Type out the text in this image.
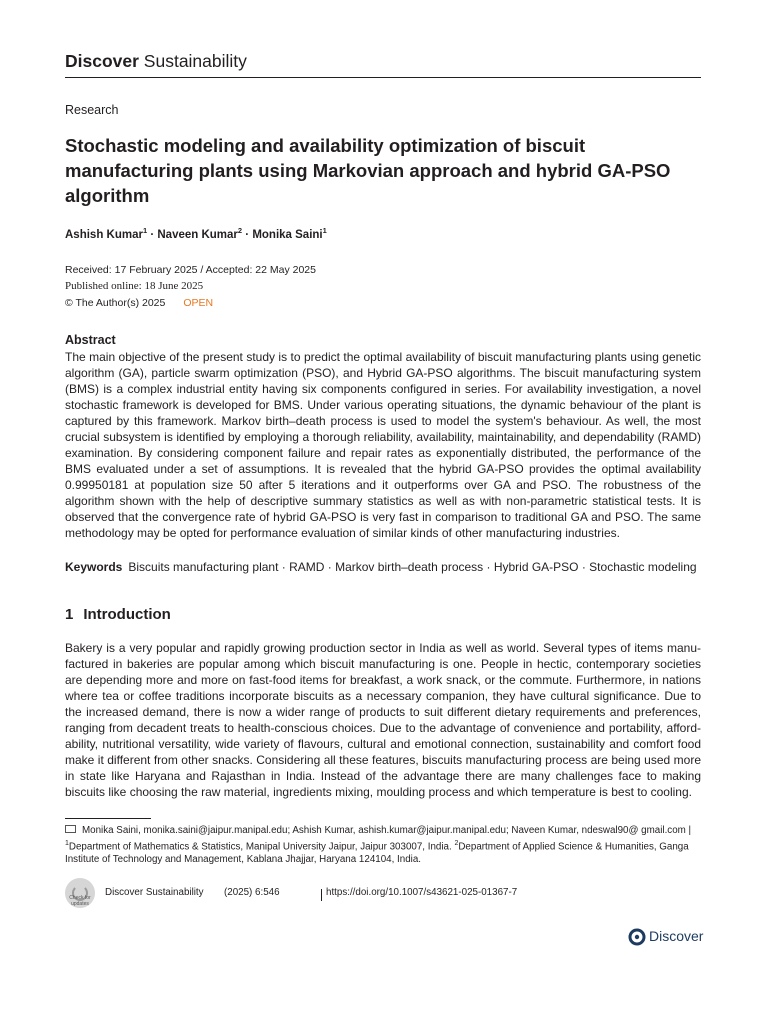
Discover Sustainability
Research
Stochastic modeling and availability optimization of biscuit manufacturing plants using Markovian approach and hybrid GA-PSO algorithm
Ashish Kumar$^1$ · Naveen Kumar$^2$ · Monika Saini$^1$
Received: 17 February 2025 / Accepted: 22 May 2025
Published online: 18 June 2025
© The Author(s) 2025 OPEN
Abstract
The main objective of the present study is to predict the optimal availability of biscuit manufacturing plants using genetic algorithm (GA), particle swarm optimization (PSO), and Hybrid GA-PSO algorithms. The biscuit manufacturing system (BMS) is a complex industrial entity having six components configured in series. For availability investigation, a novel stochastic framework is developed for BMS. Under various operating situations, the dynamic behaviour of the plant is captured by this framework. Markov birth–death process is used to model the system's behaviour. As well, the most crucial subsystem is identified by employing a thorough reliability, availability, maintainability, and dependability (RAMD) examination. By considering component failure and repair rates as exponentially distributed, the performance of the BMS evaluated under a set of assumptions. It is revealed that the hybrid GA-PSO provides the optimal availability 0.99950181 at population size 50 after 5 iterations and it outperforms over GA and PSO. The robustness of the algorithm shown with the help of descriptive summary statistics as well as with non-parametric statistical tests. It is observed that the convergence rate of hybrid GA-PSO is very fast in comparison to traditional GA and PSO. The same methodology may be opted for performance evaluation of similar kinds of other manufacturing industries.
Keywords Biscuits manufacturing plant · RAMD · Markov birth–death process · Hybrid GA-PSO · Stochastic modeling
1 Introduction
Bakery is a very popular and rapidly growing production sector in India as well as world. Several types of items manu-factured in bakeries are popular among which biscuit manufacturing is one. People in hectic, contemporary societies are depending more and more on fast-food items for breakfast, a work snack, or the commute. Furthermore, in nations where tea or coffee traditions incorporate biscuits as a necessary companion, they have cultural significance. Due to the increased demand, there is now a wider range of products to suit different dietary requirements and preferences, ranging from decadent treats to health-conscious choices. Due to the advantage of convenience and portability, afford-ability, nutritional versatility, wide variety of flavours, cultural and emotional connection, sustainability and comfort food make it different from other snacks. Considering all these features, biscuits manufacturing process are being used more in state like Haryana and Rajasthan in India. Instead of the advantage there are many challenges face to making biscuits like choosing the raw material, ingredients mixing, moulding process and which temperature is best to cooling.
Monika Saini, monika.saini@jaipur.manipal.edu; Ashish Kumar, ashish.kumar@jaipur.manipal.edu; Naveen Kumar, ndeswal90@ gmail.com | $^1$Department of Mathematics & Statistics, Manipal University Jaipur, Jaipur 303007, India. $^2$Department of Applied Science & Humanities, Ganga Institute of Technology and Management, Kablana Jhajjar, Haryana 124104, India.
Check for
updates
Discover Sustainability (2025) 6:546	https://doi.org/10.1007/s43621-025-01367-7
Discover
